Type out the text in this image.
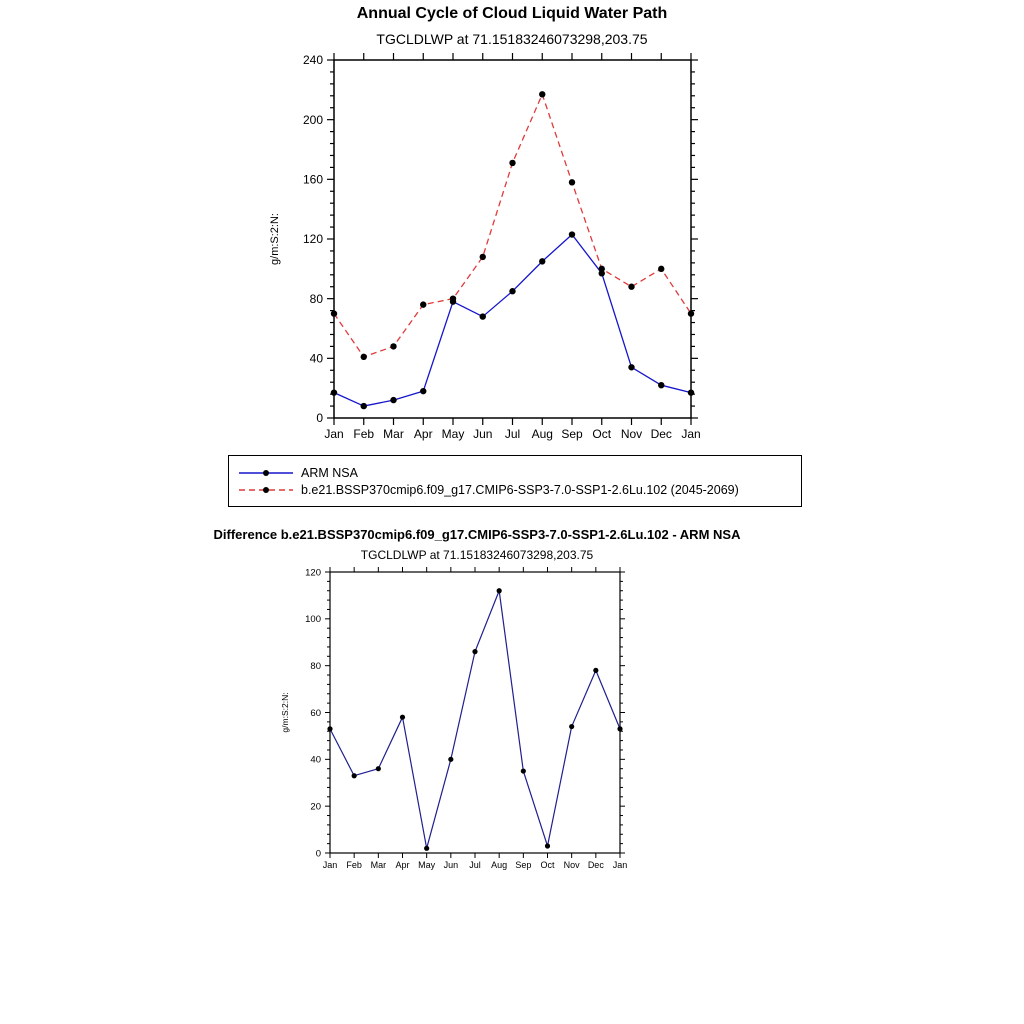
Annual Cycle of Cloud Liquid Water Path
TGCLDLWP at 71.15183246073298,203.75
0
40
80
120
160
200
240
Jan Feb Mar Apr May Jun Jul Aug Sep Oct Nov Dec Jan
g/m:S:2:N:
ARM NSA
b.e21.BSSP370cmip6.f09_g17.CMIP6-SSP3-7.0-SSP1-2.6Lu.102 (2045-2069)
Difference b.e21.BSSP370cmip6.f09_g17.CMIP6-SSP3-7.0-SSP1-2.6Lu.102 - ARM NSA
TGCLDLWP at 71.15183246073298,203.75
0
20
40
60
80
100
120
Jan Feb Mar Apr May Jun Jul Aug Sep Oct Nov Dec Jan
g/m:S:2:N:
